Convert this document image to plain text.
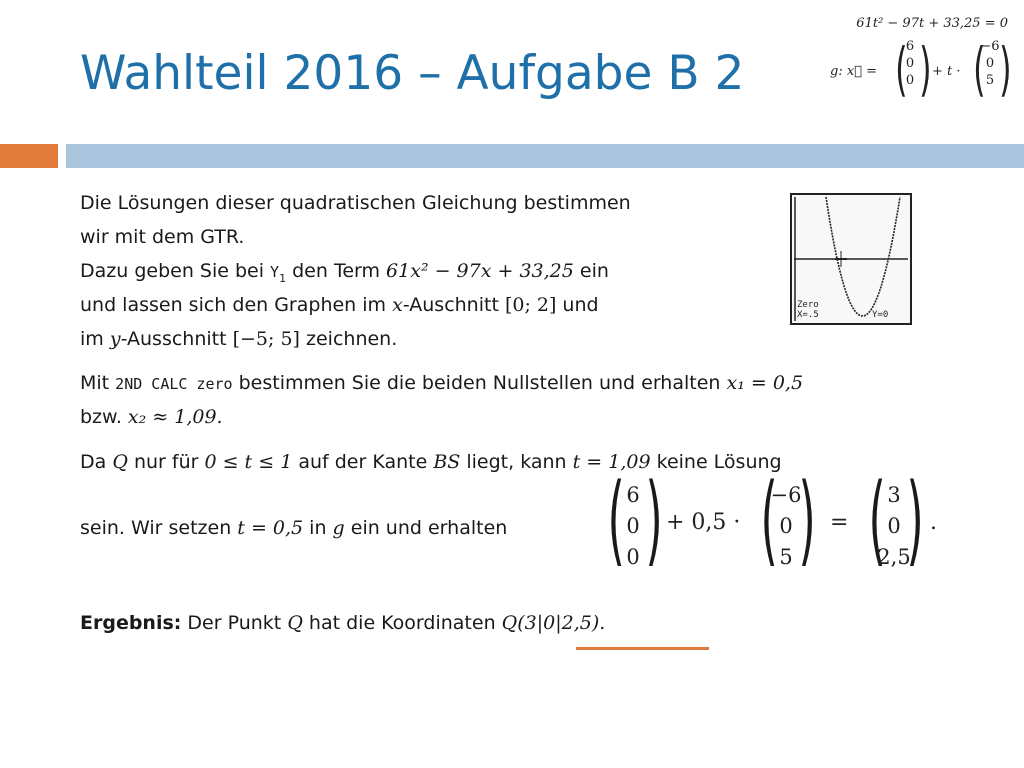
Wahlteil 2016 – Aufgabe B 2
61t² − 97t + 33,25 = 0
g: x⃗ = (
6
0
0 ) + t · (
−6
0
5 )
Die Lösungen dieser quadratischen Gleichung bestimmen
wir mit dem GTR.
Dazu geben Sie bei $Y_1$ den Term 61x² − 97x + 33,25 ein
und lassen sich den Graphen im x-Auschnitt [0; 2] und
im y-Ausschnitt [−5; 5] zeichnen.
Zero
X=.5	Y=0
Mit 2ND CALC zero bestimmen Sie die beiden Nullstellen und erhalten x₁ = 0,5
bzw. x₂ ≈ 1,09.
Da Q nur für 0 ≤ t ≤ 1 auf der Kante BS liegt, kann t = 1,09 keine Lösung
sein. Wir setzen t = 0,5 in g ein und erhalten ( 6
0
0 ) + 0,5 · (
−6
0
5 ) = ( 3
0
2,5
) .
Ergebnis: Der Punkt Q hat die Koordinaten Q(3|0|2,5).
